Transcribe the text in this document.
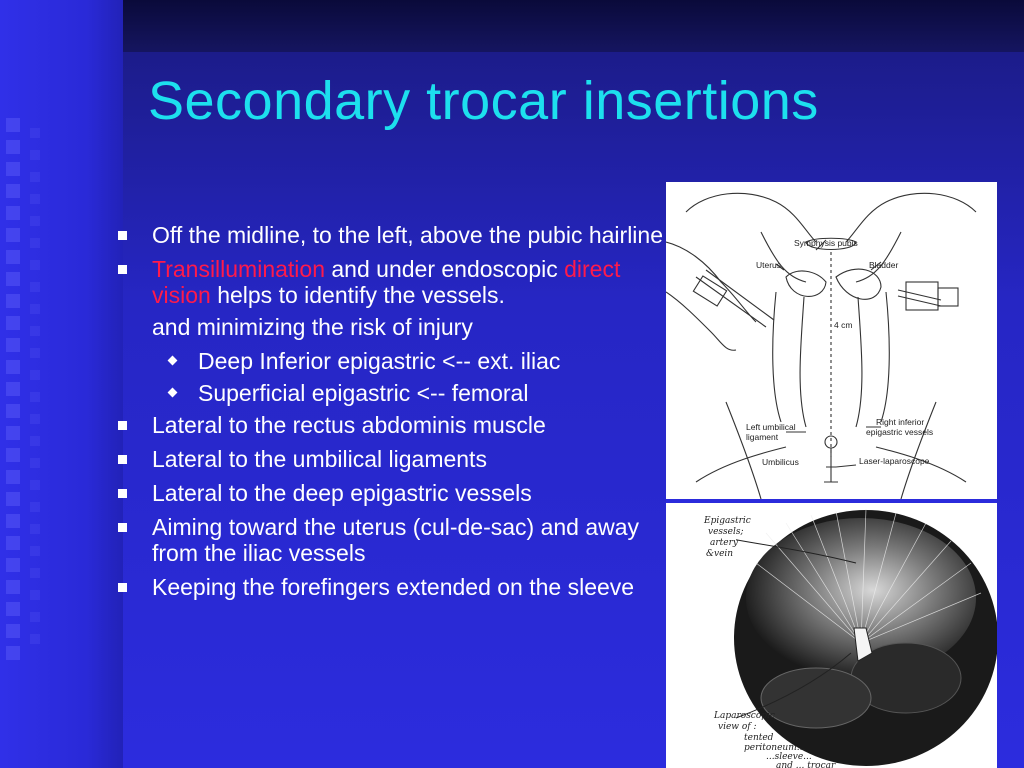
Secondary trocar insertions
Off the midline, to the left, above the pubic hairline
Transillumination and under endoscopic direct vision helps to identify the vessels.
and minimizing the risk of injury
Deep Inferior epigastric <-- ext. iliac
Superficial epigastric <-- femoral
Lateral to the rectus abdominis muscle
Lateral to the umbilical ligaments
Lateral to the deep epigastric vessels
Aiming toward the uterus (cul-de-sac) and away from the iliac vessels
Keeping the forefingers extended on the sleeve
Symphysis pubis
Uterus	Bladder
4 cm
Left umbilical
ligament
Right inferior
epigastric vessels
Umbilicus	Laser-laparoscope
Epigastric
vessels;
artery
&vein
Laparoscopic
view of :
tented
peritoneum...
...sleeve...
and ... trocar
